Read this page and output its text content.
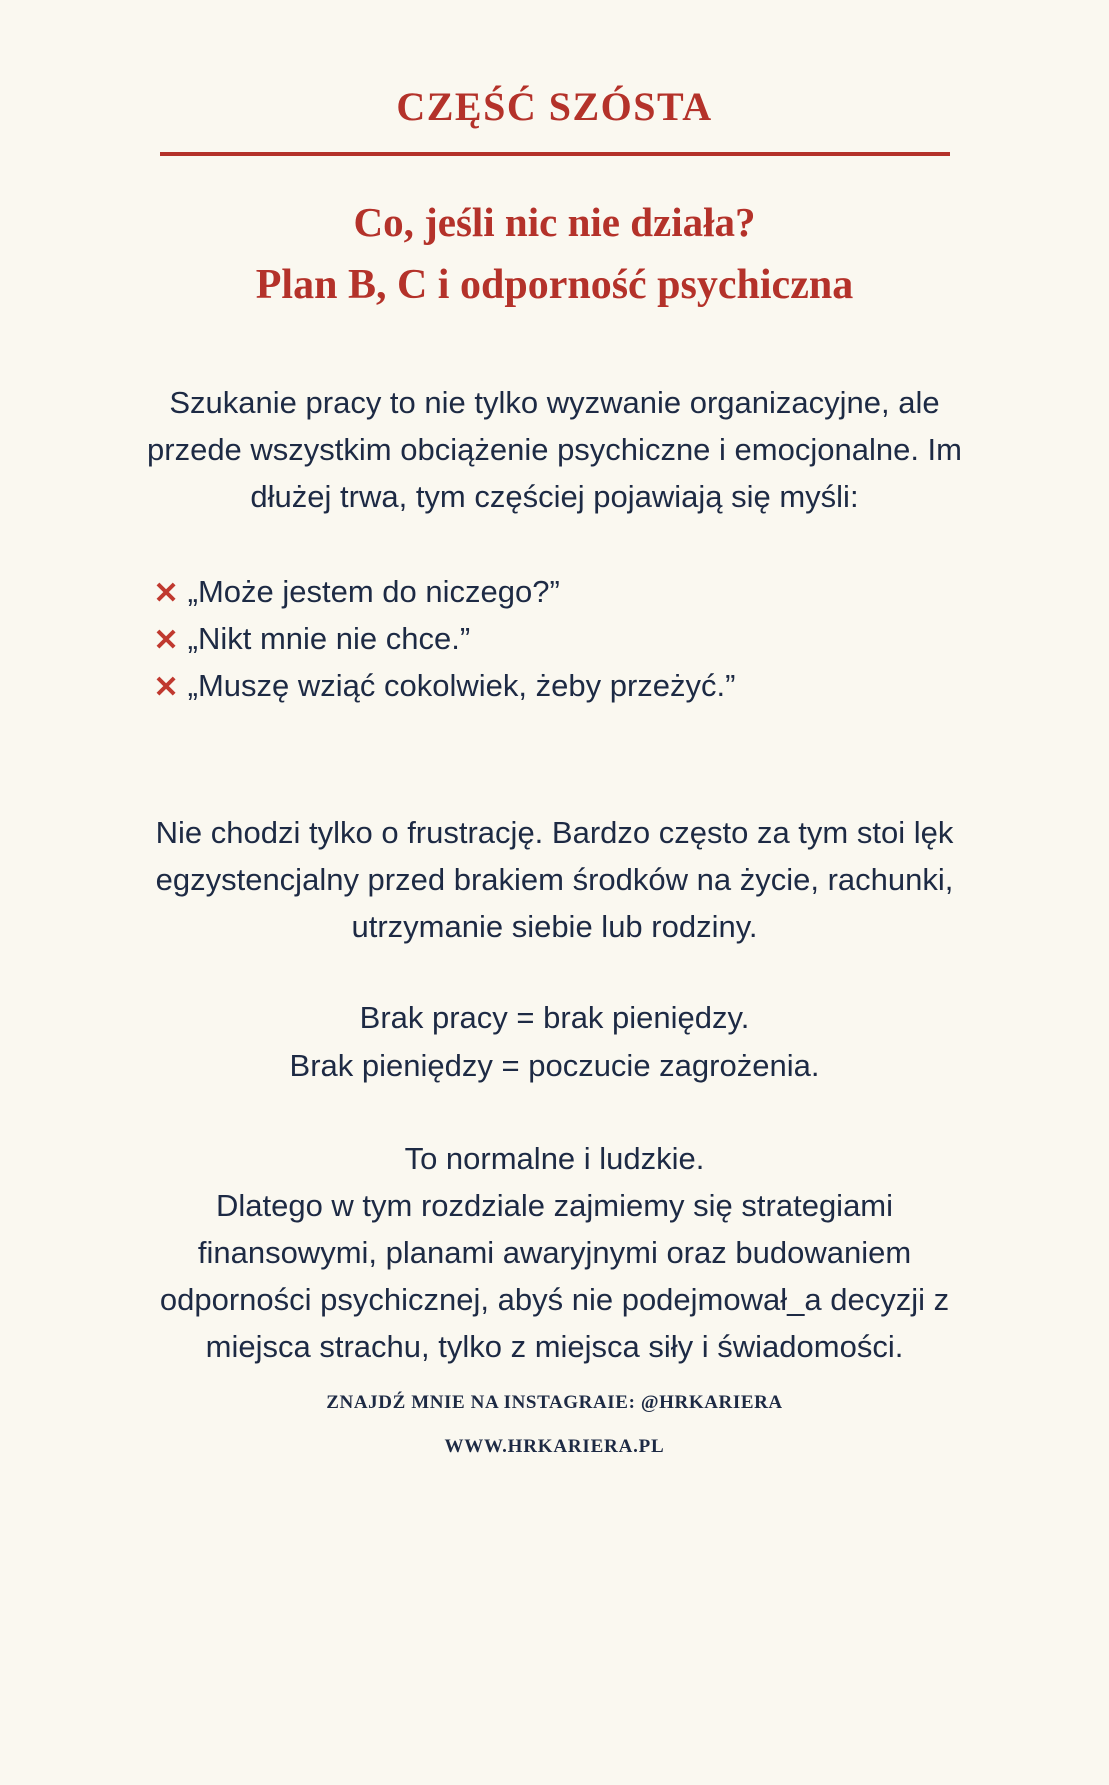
CZĘŚĆ SZÓSTA
Co, jeśli nic nie działa?
Plan B, C i odporność psychiczna
Szukanie pracy to nie tylko wyzwanie organizacyjne, ale przede wszystkim obciążenie psychiczne i emocjonalne. Im dłużej trwa, tym częściej pojawiają się myśli:
✕ „Może jestem do niczego?”
✕ „Nikt mnie nie chce.”
✕ „Muszę wziąć cokolwiek, żeby przeżyć.”
Nie chodzi tylko o frustrację. Bardzo często za tym stoi lęk egzystencjalny przed brakiem środków na życie, rachunki, utrzymanie siebie lub rodziny.
Brak pracy = brak pieniędzy.
Brak pieniędzy = poczucie zagrożenia.
To normalne i ludzkie.
Dlatego w tym rozdziale zajmiemy się strategiami finansowymi, planami awaryjnymi oraz budowaniem odporności psychicznej, abyś nie podejmował_a decyzji z miejsca strachu, tylko z miejsca siły i świadomości.
ZNAJDŹ MNIE NA INSTAGRAIE: @HRKARIERA
WWW.HRKARIERA.PL
